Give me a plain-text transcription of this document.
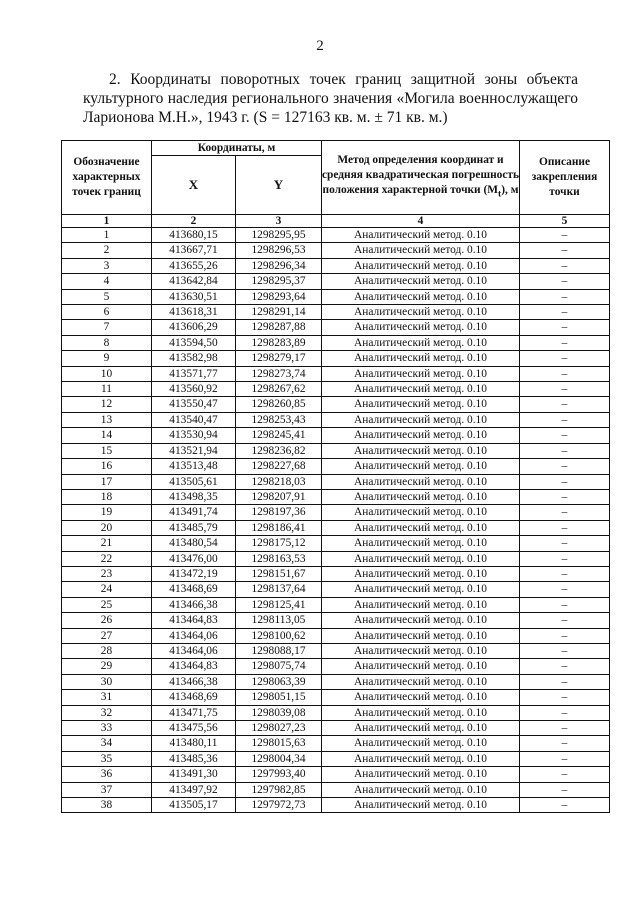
2
2. Координаты поворотных точек границ защитной зоны объекта культурного наследия регионального значения «Могила военнослужащего Ларионова М.Н.», 1943 г. (S = 127163 кв. м. ± 71 кв. м.)
Обозначение характерных точек границ	Координаты, м		Метод определения координат и средняя квадратическая погрешность положения характерной точки $(M_t)$, м	Описание закрепления точки
	X	Y		
1	2	3	4	5
1	413680,15	1298295,95	Аналитический метод. 0.10	–
2	413667,71	1298296,53	Аналитический метод. 0.10	–
3	413655,26	1298296,34	Аналитический метод. 0.10	–
4	413642,84	1298295,37	Аналитический метод. 0.10	–
5	413630,51	1298293,64	Аналитический метод. 0.10	–
6	413618,31	1298291,14	Аналитический метод. 0.10	–
7	413606,29	1298287,88	Аналитический метод. 0.10	–
8	413594,50	1298283,89	Аналитический метод. 0.10	–
9	413582,98	1298279,17	Аналитический метод. 0.10	–
10	413571,77	1298273,74	Аналитический метод. 0.10	–
11	413560,92	1298267,62	Аналитический метод. 0.10	–
12	413550,47	1298260,85	Аналитический метод. 0.10	–
13	413540,47	1298253,43	Аналитический метод. 0.10	–
14	413530,94	1298245,41	Аналитический метод. 0.10	–
15	413521,94	1298236,82	Аналитический метод. 0.10	–
16	413513,48	1298227,68	Аналитический метод. 0.10	–
17	413505,61	1298218,03	Аналитический метод. 0.10	–
18	413498,35	1298207,91	Аналитический метод. 0.10	–
19	413491,74	1298197,36	Аналитический метод. 0.10	–
20	413485,79	1298186,41	Аналитический метод. 0.10	–
21	413480,54	1298175,12	Аналитический метод. 0.10	–
22	413476,00	1298163,53	Аналитический метод. 0.10	–
23	413472,19	1298151,67	Аналитический метод. 0.10	–
24	413468,69	1298137,64	Аналитический метод. 0.10	–
25	413466,38	1298125,41	Аналитический метод. 0.10	–
26	413464,83	1298113,05	Аналитический метод. 0.10	–
27	413464,06	1298100,62	Аналитический метод. 0.10	–
28	413464,06	1298088,17	Аналитический метод. 0.10	–
29	413464,83	1298075,74	Аналитический метод. 0.10	–
30	413466,38	1298063,39	Аналитический метод. 0.10	–
31	413468,69	1298051,15	Аналитический метод. 0.10	–
32	413471,75	1298039,08	Аналитический метод. 0.10	–
33	413475,56	1298027,23	Аналитический метод. 0.10	–
34	413480,11	1298015,63	Аналитический метод. 0.10	–
35	413485,36	1298004,34	Аналитический метод. 0.10	–
36	413491,30	1297993,40	Аналитический метод. 0.10	–
37	413497,92	1297982,85	Аналитический метод. 0.10	–
38	413505,17	1297972,73	Аналитический метод. 0.10	–
